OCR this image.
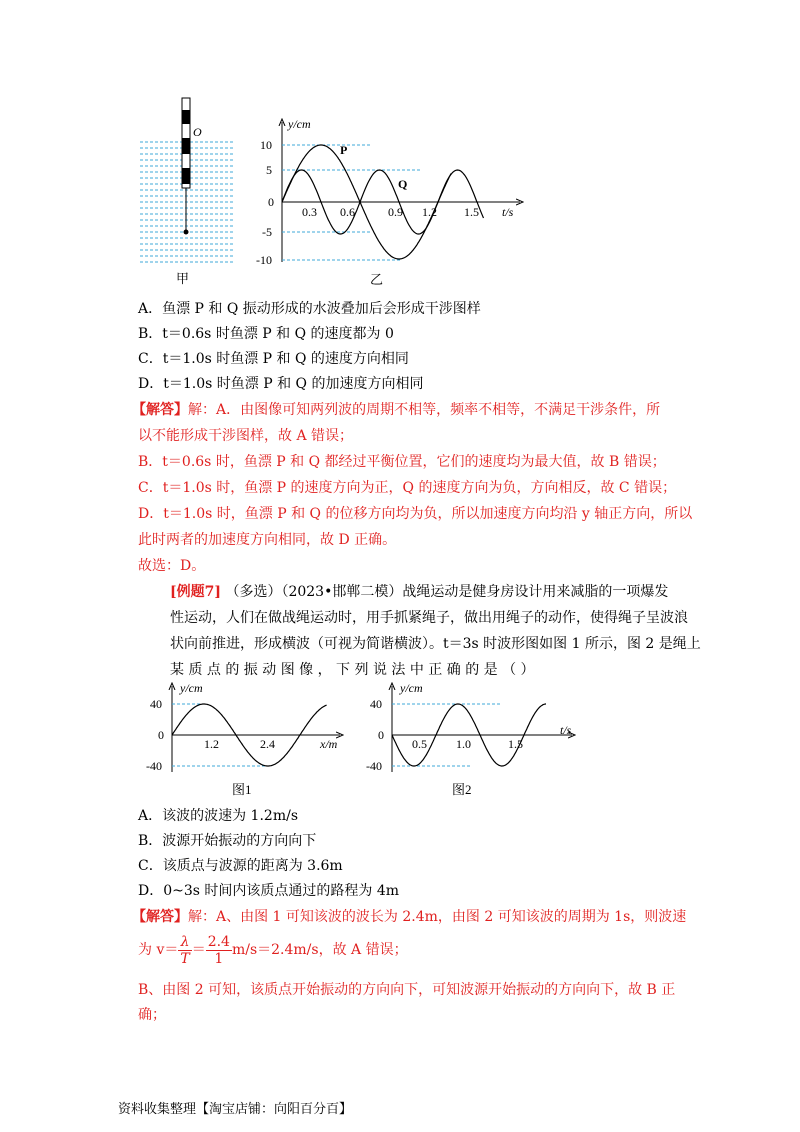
O
甲
y/cm
t/s
10
5
0
-5
-10
0.3 0.6	0.9 1.2 1.5
P
Q
乙
A．鱼漂 P 和 Q 振动形成的水波叠加后会形成干涉图样
B．t＝0.6s 时鱼漂 P 和 Q 的速度都为 0
C．t＝1.0s 时鱼漂 P 和 Q 的速度方向相同
D．t＝1.0s 时鱼漂 P 和 Q 的加速度方向相同
【解答】解：A．由图像可知两列波的周期不相等，频率不相等，不满足干涉条件，所
以不能形成干涉图样，故 A 错误；
B．t＝0.6s 时，鱼漂 P 和 Q 都经过平衡位置，它们的速度均为最大值，故 B 错误；
C．t＝1.0s 时，鱼漂 P 的速度方向为正，Q 的速度方向为负，方向相反，故 C 错误；
D．t＝1.0s 时，鱼漂 P 和 Q 的位移方向均为负，所以加速度方向均沿 y 轴正方向，所以
此时两者的加速度方向相同，故 D 正确。
故选：D。
[例题7] （多选）（2023•邯郸二模）战绳运动是健身房设计用来减脂的一项爆发
性运动，人们在做战绳运动时，用手抓紧绳子，做出用绳子的动作，使得绳子呈波浪
状向前推进，形成横波（可视为简谐横波）。t＝3s 时波形图如图 1 所示，图 2 是绳上
某 质 点 的 振 动 图 像 ， 下 列 说 法 中 正 确 的 是 （ ）
y/cm
x/m
40
0
-40
1.2	2.4
图1
y/cm
t/s
40
0
-40
0.5 1.0	1.5
图2
A．该波的波速为 1.2m/s
B．波源开始振动的方向向下
C．该质点与波源的距离为 3.6m
D．0~3s 时间内该质点通过的路程为 4m
【解答】解：A、由图 1 可知该波的波长为 2.4m，由图 2 可知该波的周期为 1s，则波速
为 $v= \frac{\lambda}{T} = \frac{2.4}{1} m/s=2.4m/s$，故 A 错误；
B、由图 2 可知，该质点开始振动的方向向下，可知波源开始振动的方向向下，故 B 正
确；
资料收集整理【淘宝店铺：向阳百分百】
